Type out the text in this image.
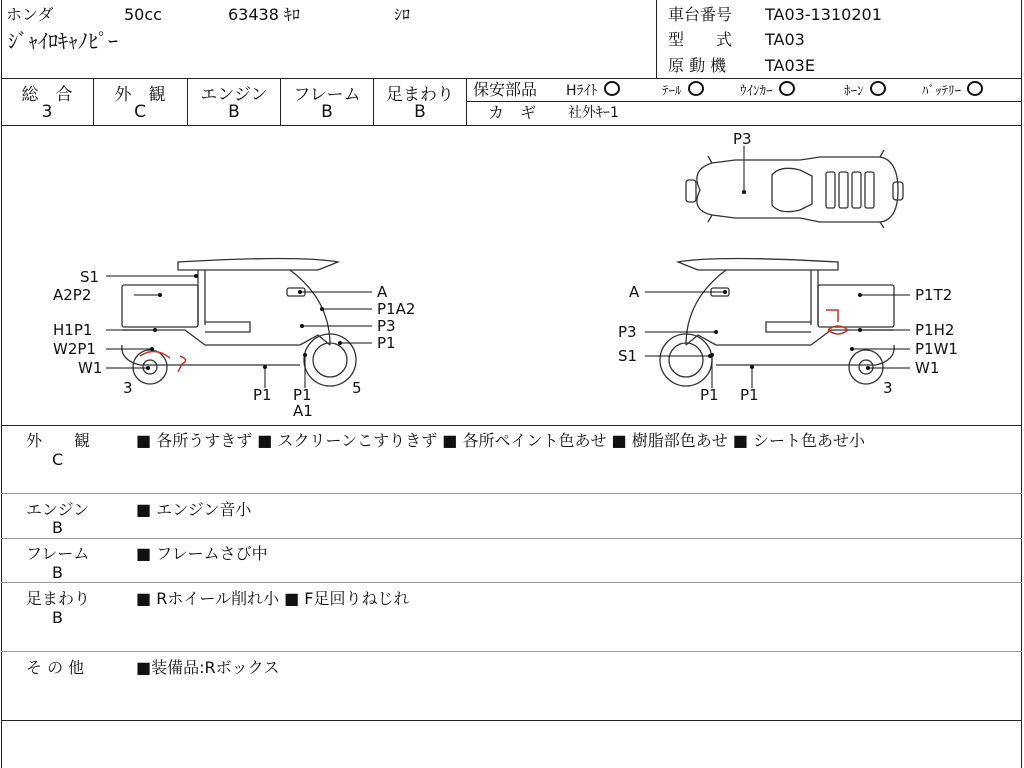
ホンダ	50cc	63438 ｷﾛ	ｼﾛ
ｼﾞｬｲﾛｷｬﾉﾋﾟｰ
車台番号 TA03-1310201
型　　式 TA03
原 動 機 TA03E
総　合
3
外　観
C
エンジン
B
フレーム
B
足まわり
B
保安部品 Hﾗｲﾄ	ﾃｰﾙ	ｳｲﾝｶｰ	ﾎｰﾝ	ﾊﾞｯﾃﾘｰ
カ　ギ 社外ｷｰ1
P3
S1
A2P2
H1P1
W2P1
W1
A
P1A2
P3
P1
P1 P1
A1
3	5
A
P3
S1
P1T2
P1H2
P1W1
W1
P1 P1	3
外　　観
C
■ 各所うすきず ■ スクリーンこすりきず ■ 各所ペイント色あせ ■ 樹脂部色あせ ■ シート色あせ小
エンジン
B
■ エンジン音小
フレーム
B
■ フレームさび中
足まわり
B
■ Rホイール削れ小 ■ F足回りねじれ
そ の 他	■装備品:Rボックス
